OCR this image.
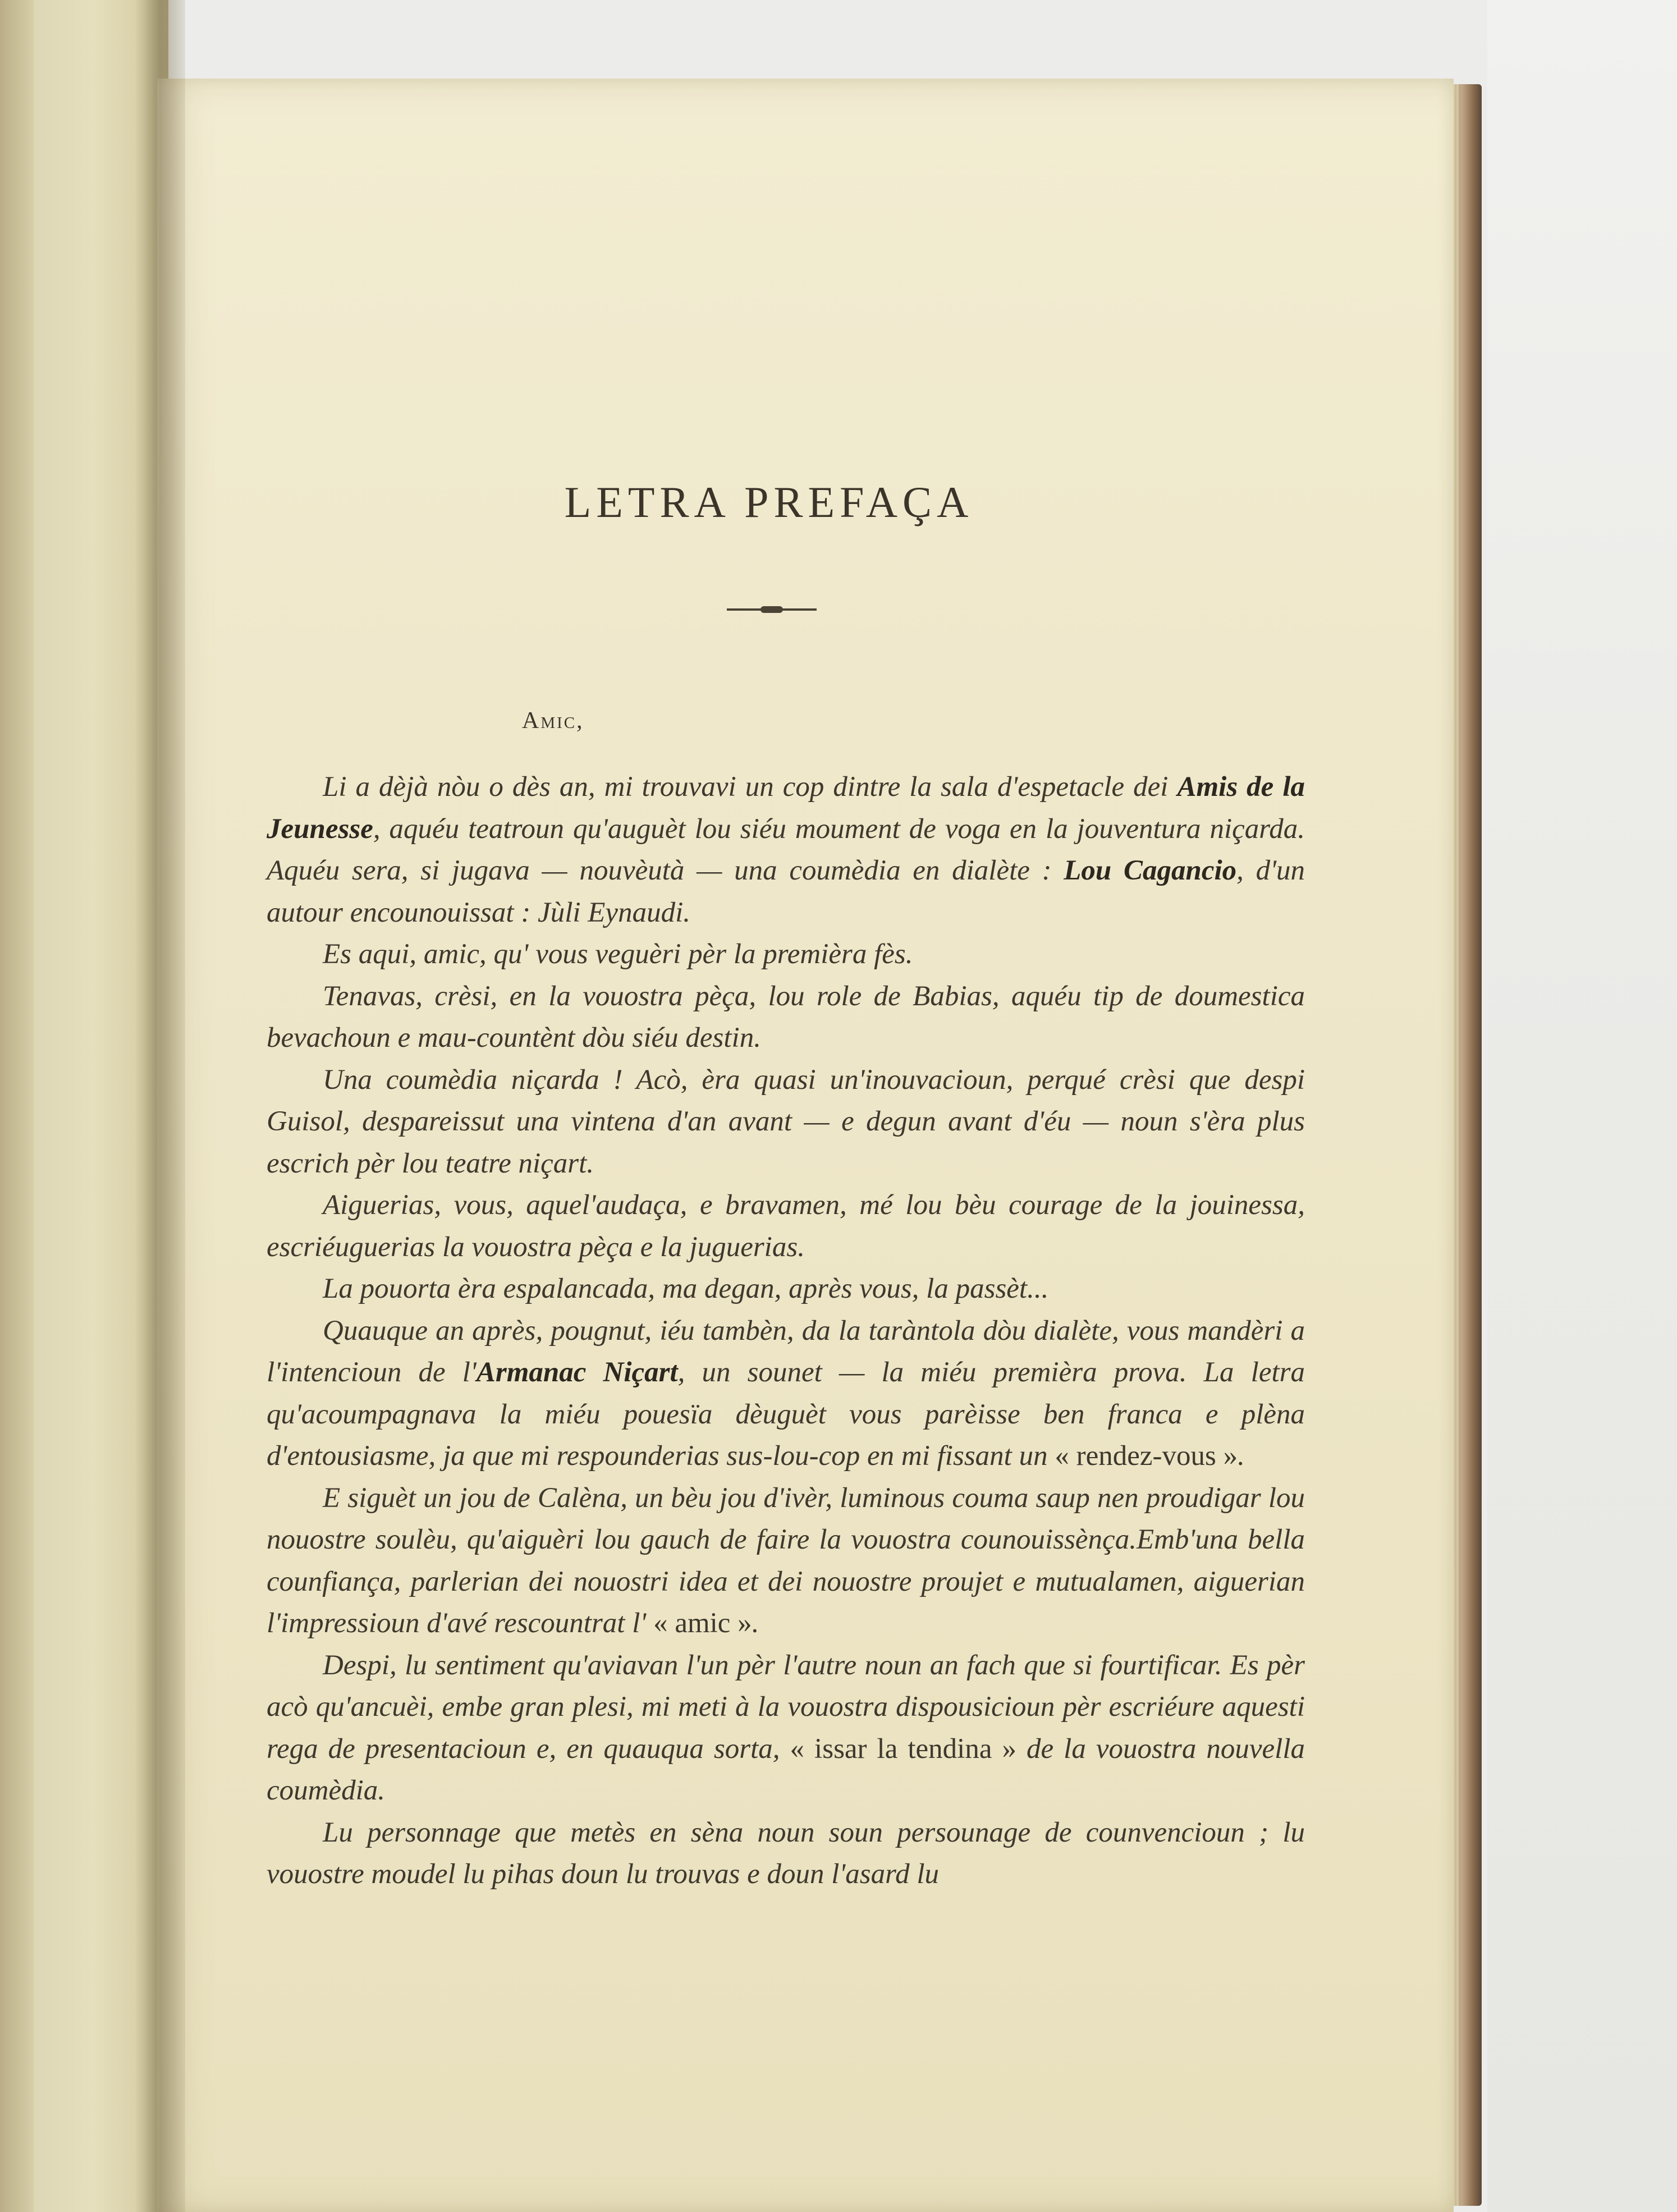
LETRA PREFAÇA
Amic,

Li a dèjà nòu o dès an, mi trouvavi un cop dintre la sala d'espetacle dei Amis de la Jeunesse, aquéu teatroun qu'auguèt lou siéu moument de voga en la jouventura niçarda. Aquéu sera, si jugava — nouvèutà — una coumèdia en dialète : Lou Cagancio, d'un autour encounouissat : Jùli Eynaudi.

Es aqui, amic, qu' vous veguèri pèr la premièra fès.

Tenavas, crèsi, en la vouostra pèça, lou role de Babias, aquéu tip de doumestica bevachoun e mau-countènt dòu siéu destin.

Una coumèdia niçarda ! Acò, èra quasi un'inouvacioun, perqué crèsi que despi Guisol, despareissut una vintena d'an avant — e degun avant d'éu — noun s'èra plus escrich pèr lou teatre niçart.

Aiguerias, vous, aquel'audaça, e bravamen, mé lou bèu courage de la jouinessa, escriéuguerias la vouostra pèça e la juguerias.

La pouorta èra espalancada, ma degan, après vous, la passèt...

Quauque an après, pougnut, iéu tambèn, da la taràntola dòu dialète, vous mandèri a l'intencioun de l'Armanac Niçart, un sounet — la miéu premièra prova. La letra qu'acoumpagnava la miéu pouesïa dèuguèt vous parèisse ben franca e plèna d'entousiasme, ja que mi respounderias sus-lou-cop en mi fissant un « rendez-vous ».

E siguèt un jou de Calèna, un bèu jou d'ivèr, luminous couma saup nen proudigar lou nouostre soulèu, qu'aiguèri lou gauch de faire la vouostra counouissènça.Emb'una bella counfiança, parlerian dei nouostri idea et dei nouostre proujet e mutualamen, aiguerian l'impressioun d'avé rescountrat l' « amic ».

Despi, lu sentiment qu'aviavan l'un pèr l'autre noun an fach que si fourtificar. Es pèr acò qu'ancuèi, embe gran plesi, mi meti à la vouostra dispousicioun pèr escriéure aquesti rega de presentacioun e, en quauqua sorta, « issar la tendina » de la vouostra nouvella coumèdia.

Lu personnage que metès en sèna noun soun persounage de counvencioun ; lu vouostre moudel lu pihas doun lu trouvas e doun l'asard lu
